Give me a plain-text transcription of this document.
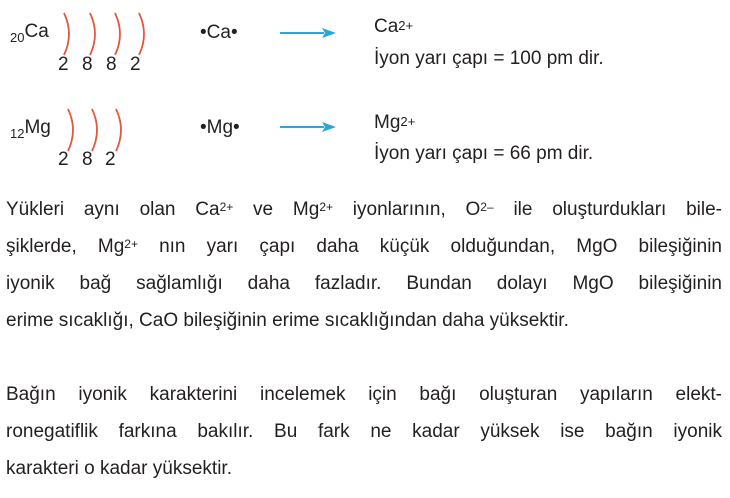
$_{20}$Ca
2 8 8 2
•Ca•	$Ca^{2+}$
İyon yarı çapı = 100 pm dir.
$_{12}$Mg
2 8 2
•Mg•	$Mg^{2+}$
İyon yarı çapı = 66 pm dir.
Yükleri aynı olan $Ca^{2+}$ ve $Mg^{2+}$ iyonlarının, $O^{2-}$ ile oluşturdukları bile-
şiklerde, $Mg^{2+}$ nın yarı çapı daha küçük olduğundan, MgO bileşiğinin
iyonik bağ sağlamlığı daha fazladır. Bundan dolayı MgO bileşiğinin
erime sıcaklığı, CaO bileşiğinin erime sıcaklığından daha yüksektir.
Bağın iyonik karakterini incelemek için bağı oluşturan yapıların elekt-
ronegatiflik farkına bakılır. Bu fark ne kadar yüksek ise bağın iyonik
karakteri o kadar yüksektir.
